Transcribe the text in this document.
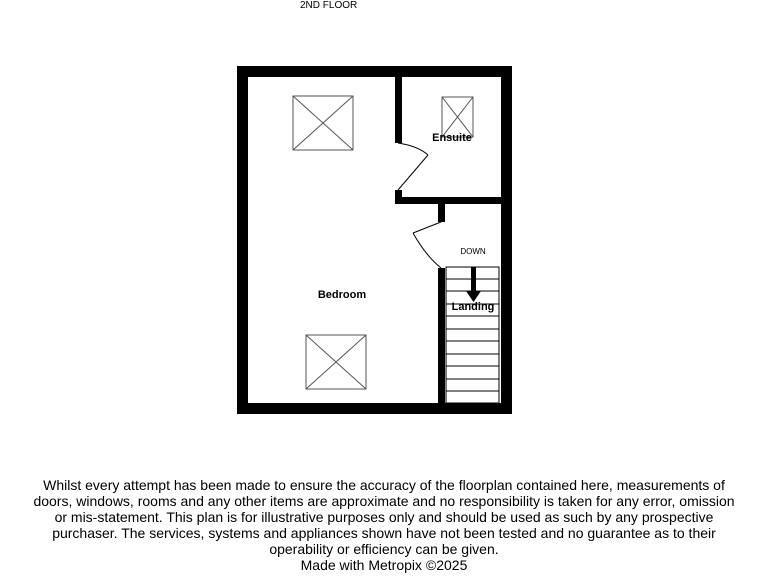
2ND FLOOR
Bedroom
Ensuite
Landing
DOWN

Whilst every attempt has been made to ensure the accuracy of the floorplan contained here, measurements of doors, windows, rooms and any other items are approximate and no responsibility is taken for any error, omission or mis-statement. This plan is for illustrative purposes only and should be used as such by any prospective purchaser. The services, systems and appliances shown have not been tested and no guarantee as to their operability or efficiency can be given.

Made with Metropix ©2025
